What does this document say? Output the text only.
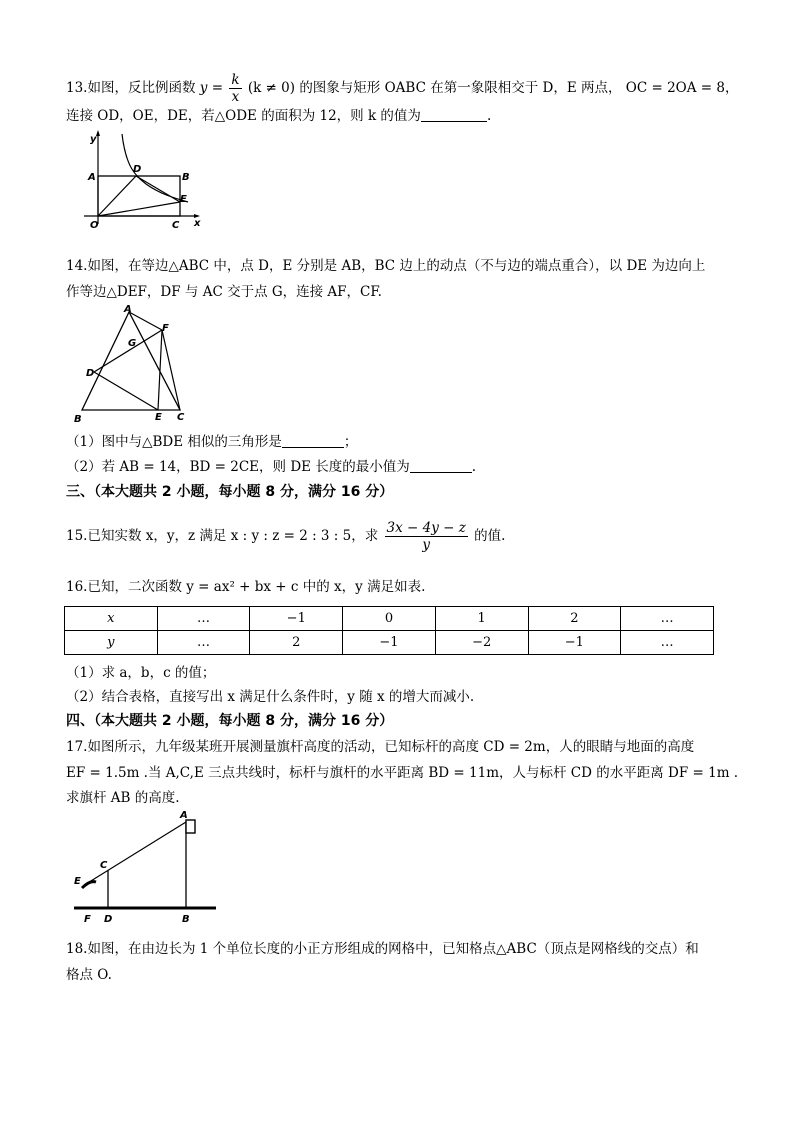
13.如图，反比例函数 $y = \frac{k}{x} (k \ne 0)$ 的图象与矩形 OABC 在第一象限相交于 D，E 两点， OC = 2OA = 8，
连接 OD，OE，DE，若△ODE 的面积为 12，则 k 的值为	.
y
D
B
A
E
O	C x
14.如图，在等边△ABC 中，点 D，E 分别是 AB，BC 边上的动点（不与边的端点重合），以 DE 为边向上
作等边△DEF，DF 与 AC 交于点 G，连接 AF，CF.
A
F
G
D
B	E C
（1）图中与△BDE 相似的三角形是	；
（2）若 AB = 14，BD = 2CE，则 DE 长度的最小值为	.
三、（本大题共 2 小题，每小题 8 分，满分 16 分）
15.已知实数 x，y，z 满足 x : y : z = 2 : 3 : 5，求 $\frac{3x - 4y - z}{y}$ 的值.
16.已知，二次函数 y = ax² + bx + c 中的 x，y 满足如表.
x	…	−1	0	1	2	…
y	…	2	−1	−2	−1	…
（1）求 a，b，c 的值；
（2）结合表格，直接写出 x 满足什么条件时，y 随 x 的增大而减小.
四、（本大题共 2 小题，每小题 8 分，满分 16 分）
17.如图所示，九年级某班开展测量旗杆高度的活动，已知标杆的高度 CD = 2m，人的眼睛与地面的高度
EF = 1.5m .当 A,C,E 三点共线时，标杆与旗杆的水平距离 BD = 11m，人与标杆 CD 的水平距离 DF = 1m .
求旗杆 AB 的高度.
A
C
E
F D	B
18.如图，在由边长为 1 个单位长度的小正方形组成的网格中，已知格点△ABC（顶点是网格线的交点）和
格点 O.
